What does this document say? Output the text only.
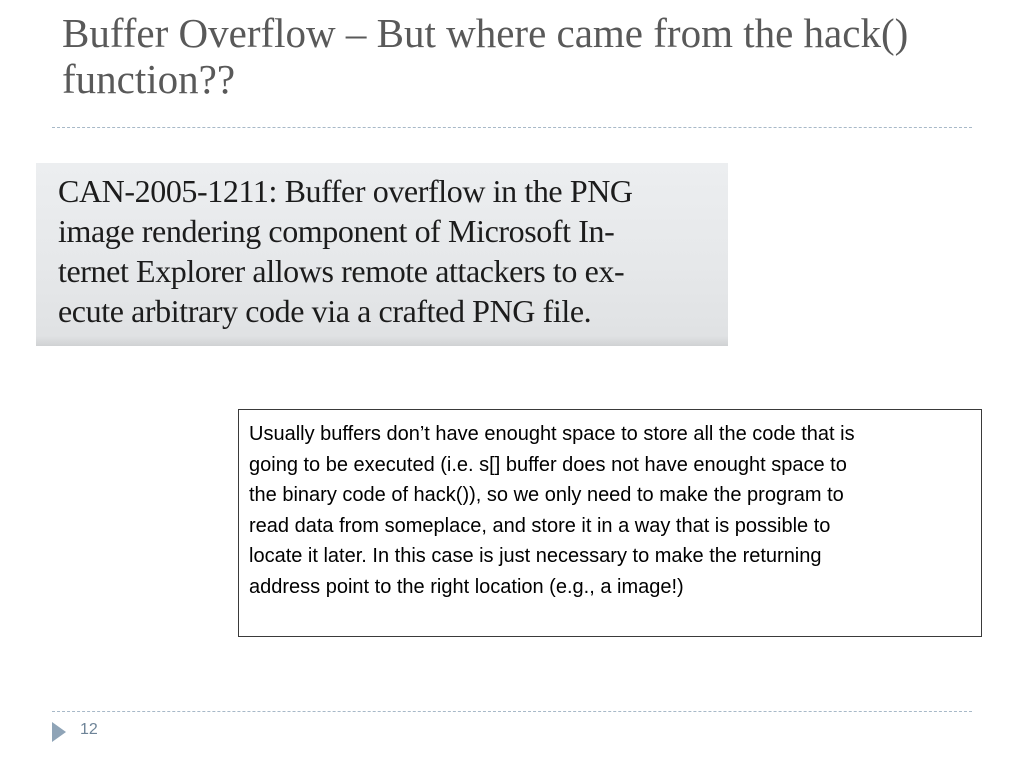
Buffer Overflow – But where came from the hack() function??

CAN-2005-1211: Buffer overflow in the PNG
image rendering component of Microsoft In-
ternet Explorer allows remote attackers to ex-
ecute arbitrary code via a crafted PNG file.

Usually buffers don’t have enought space to store all the code that is
going to be executed (i.e. s[] buffer does not have enought space to
the binary code of hack()), so we only need to make the program to
read data from someplace, and store it in a way that is possible to
locate it later. In this case is just necessary to make the returning
address point to the right location (e.g., a image!)

12
